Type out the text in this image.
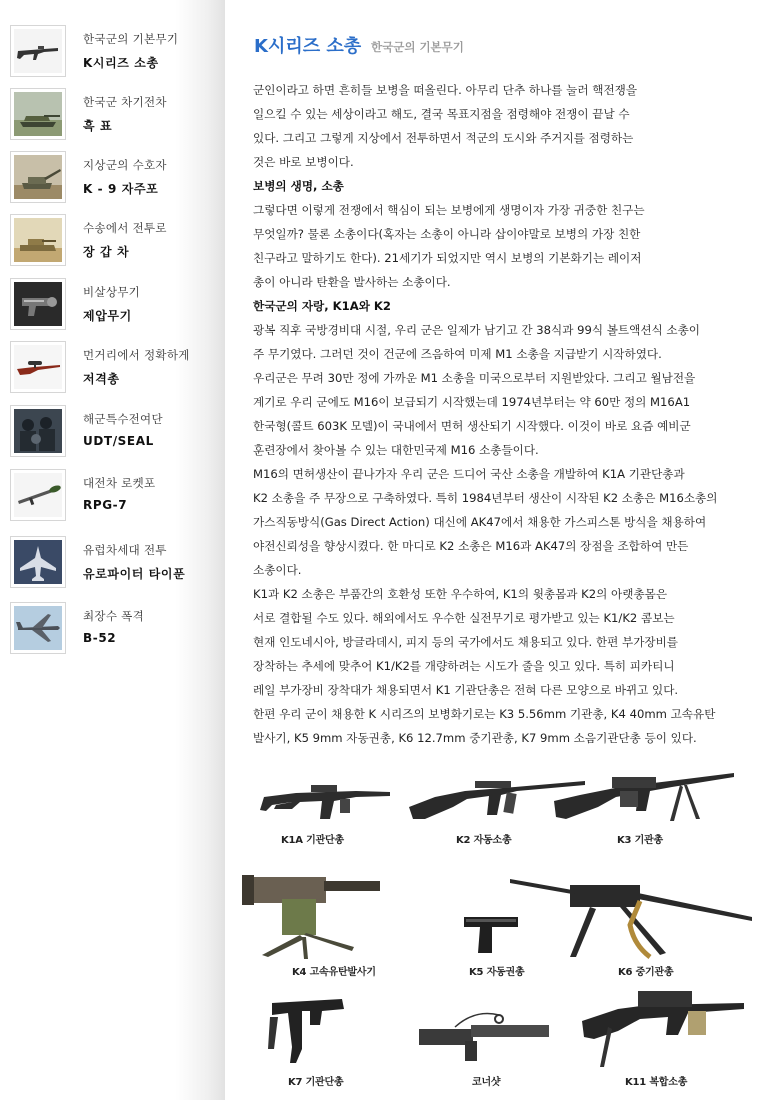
한국군의 기본무기
K시리즈 소총
한국군 차기전차
흑 표
지상군의 수호자
K - 9 자주포
수송에서 전투로
장 갑 차
비살상무기
제압무기
먼거리에서 정확하게
저격총
해군특수전여단
UDT/SEAL
대전차 로켓포
RPG-7
유럽차세대 전투
유로파이터 타이푼
최장수 폭격
B-52
K시리즈 소총 한국군의 기본무기
군인이라고 하면 흔히들 보병을 떠올린다. 아무리 단추 하나를 눌러 핵전쟁을
일으킬 수 있는 세상이라고 해도, 결국 목표지점을 점령해야 전쟁이 끝날 수
있다. 그리고 그렇게 지상에서 전투하면서 적군의 도시와 주거지를 점령하는
것은 바로 보병이다.
보병의 생명, 소총
그렇다면 이렇게 전쟁에서 핵심이 되는 보병에게 생명이자 가장 귀중한 친구는
무엇일까? 물론 소총이다(혹자는 소총이 아니라 삽이야말로 보병의 가장 친한
친구라고 말하기도 한다). 21세기가 되었지만 역시 보병의 기본화기는 레이저
총이 아니라 탄환을 발사하는 소총이다.
한국군의 자랑, K1A와 K2
광복 직후 국방경비대 시절, 우리 군은 일제가 남기고 간 38식과 99식 볼트액션식 소총이
주 무기였다. 그러던 것이 건군에 즈음하여 미제 M1 소총을 지급받기 시작하였다.
우리군은 무려 30만 정에 가까운 M1 소총을 미국으로부터 지원받았다. 그리고 월남전을
계기로 우리 군에도 M16이 보급되기 시작했는데 1974년부터는 약 60만 정의 M16A1
한국형(콜트 603K 모델)이 국내에서 면허 생산되기 시작했다. 이것이 바로 요즘 예비군
훈련장에서 찾아볼 수 있는 대한민국제 M16 소총들이다.
M16의 면허생산이 끝나가자 우리 군은 드디어 국산 소총을 개발하여 K1A 기관단총과
K2 소총을 주 무장으로 구축하였다. 특히 1984년부터 생산이 시작된 K2 소총은 M16소총의
가스직동방식(Gas Direct Action) 대신에 AK47에서 채용한 가스피스톤 방식을 채용하여
야전신뢰성을 향상시켰다. 한 마디로 K2 소총은 M16과 AK47의 장점을 조합하여 만든
소총이다.
K1과 K2 소총은 부품간의 호환성 또한 우수하여, K1의 윗총몸과 K2의 아랫총몸은
서로 결합될 수도 있다. 해외에서도 우수한 실전무기로 평가받고 있는 K1/K2 콤보는
현재 인도네시아, 방글라데시, 피지 등의 국가에서도 채용되고 있다. 한편 부가장비를
장착하는 추세에 맞추어 K1/K2를 개량하려는 시도가 줄을 잇고 있다. 특히 피카티니
레일 부가장비 장착대가 채용되면서 K1 기관단총은 전혀 다른 모양으로 바뀌고 있다.
한편 우리 군이 채용한 K 시리즈의 보병화기로는 K3 5.56mm 기관총, K4 40mm 고속유탄
발사기, K5 9mm 자동권총, K6 12.7mm 중기관총, K7 9mm 소음기관단총 등이 있다.
K1A 기관단총	K2 자동소총	K3 기관총
K4 고속유탄발사기	K5 자동권총	K6 중기관총
K7 기관단총	코너샷	K11 복합소총
